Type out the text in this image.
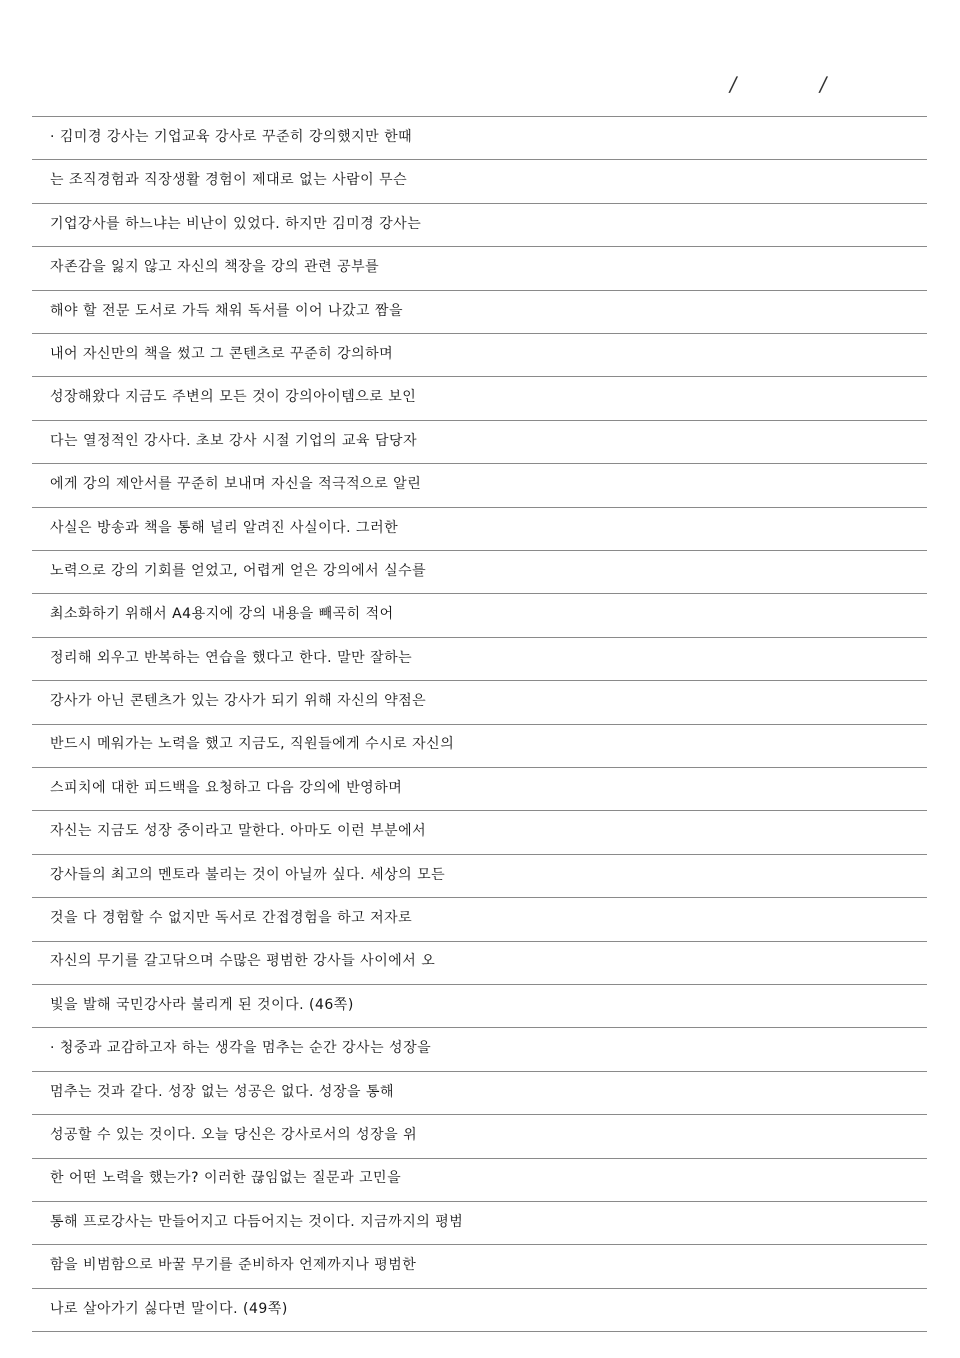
/	/
· 김미경 강사는 기업교육 강사로 꾸준히 강의했지만 한때
는 조직경험과 직장생활 경험이 제대로 없는 사람이 무슨
기업강사를 하느냐는 비난이 있었다. 하지만 김미경 강사는
자존감을 잃지 않고 자신의 책장을 강의 관련 공부를
해야 할 전문 도서로 가득 채워 독서를 이어 나갔고 짬을
내어 자신만의 책을 썼고 그 콘텐츠로 꾸준히 강의하며
성장해왔다 지금도 주변의 모든 것이 강의아이템으로 보인
다는 열정적인 강사다. 초보 강사 시절 기업의 교육 담당자
에게 강의 제안서를 꾸준히 보내며 자신을 적극적으로 알린
사실은 방송과 책을 통해 널리 알려진 사실이다. 그러한
노력으로 강의 기회를 얻었고, 어렵게 얻은 강의에서 실수를
최소화하기 위해서 A4용지에 강의 내용을 빼곡히 적어
정리해 외우고 반복하는 연습을 했다고 한다. 말만 잘하는
강사가 아닌 콘텐츠가 있는 강사가 되기 위해 자신의 약점은
반드시 메워가는 노력을 했고 지금도, 직원들에게 수시로 자신의
스피치에 대한 피드백을 요청하고 다음 강의에 반영하며
자신는 지금도 성장 중이라고 말한다. 아마도 이런 부분에서
강사들의 최고의 멘토라 불리는 것이 아닐까 싶다. 세상의 모든
것을 다 경험할 수 없지만 독서로 간접경험을 하고 저자로
자신의 무기를 갈고닦으며 수많은 평범한 강사들 사이에서 오
빛을 발해 국민강사라 불리게 된 것이다. (46쪽)
· 청중과 교감하고자 하는 생각을 멈추는 순간 강사는 성장을
멈추는 것과 같다. 성장 없는 성공은 없다. 성장을 통해
성공할 수 있는 것이다. 오늘 당신은 강사로서의 성장을 위
한 어떤 노력을 했는가? 이러한 끊임없는 질문과 고민을
통해 프로강사는 만들어지고 다듬어지는 것이다. 지금까지의 평범
함을 비범함으로 바꿀 무기를 준비하자 언제까지나 평범한
나로 살아가기 싫다면 말이다. (49쪽)
